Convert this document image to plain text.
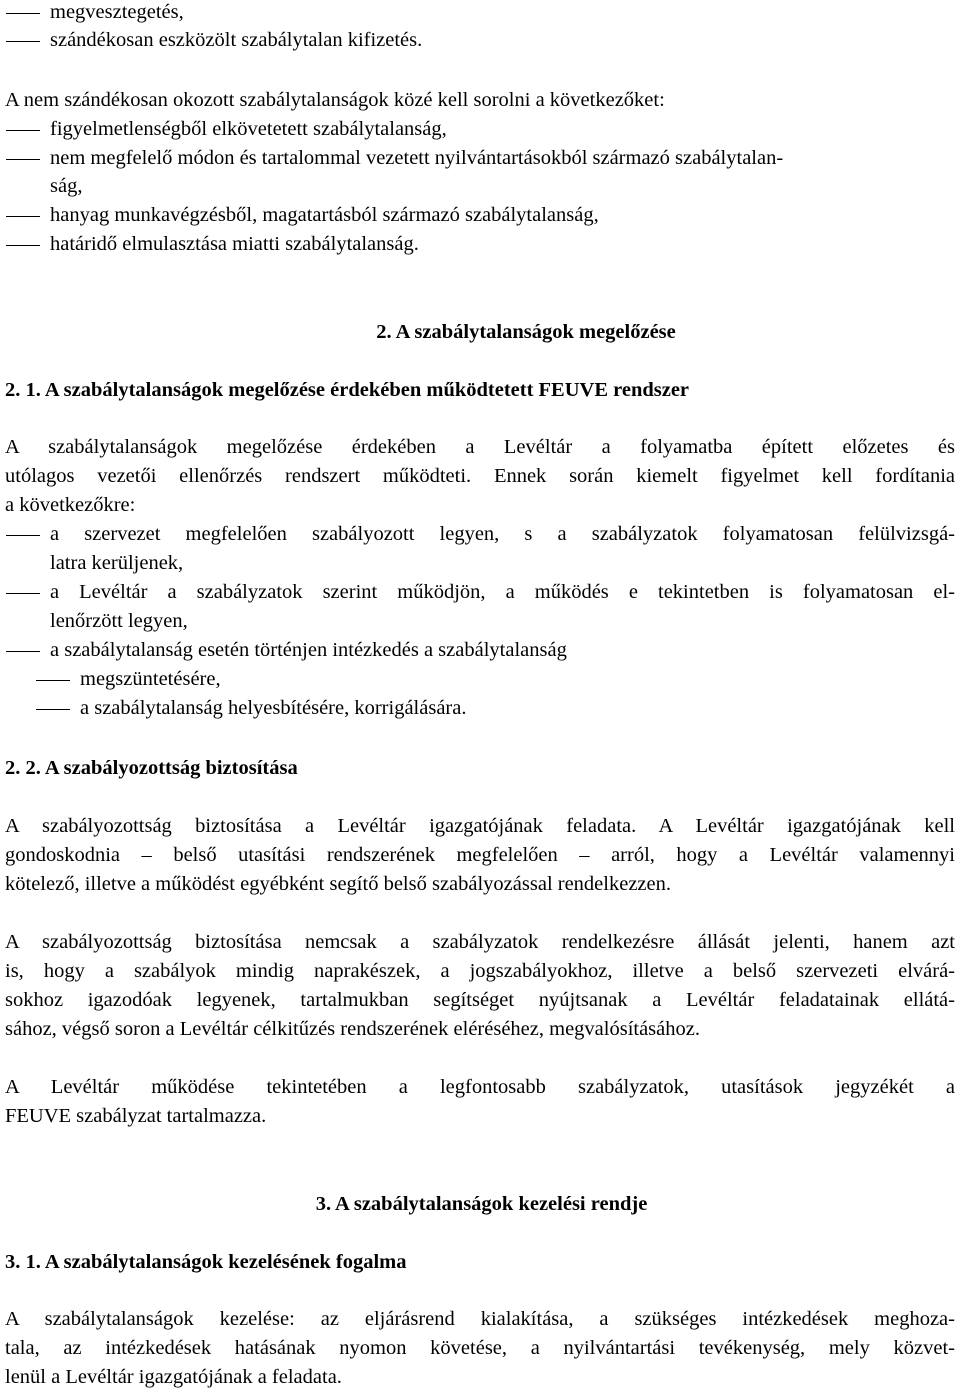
megvesztegetés,
szándékosan eszközölt szabálytalan kifizetés.
A nem szándékosan okozott szabálytalanságok közé kell sorolni a következőket:
figyelmetlenségből elkövetetett szabálytalanság,
nem megfelelő módon és tartalommal vezetett nyilvántartásokból származó szabálytalan-
ság,
hanyag munkavégzésből, magatartásból származó szabálytalanság,
határidő elmulasztása miatti szabálytalanság.
2. A szabálytalanságok megelőzése
2. 1. A szabálytalanságok megelőzése érdekében működtetett FEUVE rendszer
A szabálytalanságok megelőzése érdekében a Levéltár a folyamatba épített előzetes és
utólagos vezetői ellenőrzés rendszert működteti. Ennek során kiemelt figyelmet kell fordítania
a következőkre:
a szervezet megfelelően szabályozott legyen, s a szabályzatok folyamatosan felülvizsgá-
latra kerüljenek,
a Levéltár a szabályzatok szerint működjön, a működés e tekintetben is folyamatosan el-
lenőrzött legyen,
a szabálytalanság esetén történjen intézkedés a szabálytalanság
megszüntetésére,
a szabálytalanság helyesbítésére, korrigálására.
2. 2. A szabályozottság biztosítása
A szabályozottság biztosítása a Levéltár igazgatójának feladata. A Levéltár igazgatójának kell
gondoskodnia – belső utasítási rendszerének megfelelően – arról, hogy a Levéltár valamennyi
kötelező, illetve a működést egyébként segítő belső szabályozással rendelkezzen.
A szabályozottság biztosítása nemcsak a szabályzatok rendelkezésre állását jelenti, hanem azt
is, hogy a szabályok mindig naprakészek, a jogszabályokhoz, illetve a belső szervezeti elvárá-
sokhoz igazodóak legyenek, tartalmukban segítséget nyújtsanak a Levéltár feladatainak ellátá-
sához, végső soron a Levéltár célkitűzés rendszerének eléréséhez, megvalósításához.
A Levéltár működése tekintetében a legfontosabb szabályzatok, utasítások jegyzékét a
FEUVE szabályzat tartalmazza.
3. A szabálytalanságok kezelési rendje
3. 1. A szabálytalanságok kezelésének fogalma
A szabálytalanságok kezelése: az eljárásrend kialakítása, a szükséges intézkedések meghoza-
tala, az intézkedések hatásának nyomon követése, a nyilvántartási tevékenység, mely közvet-
lenül a Levéltár igazgatójának a feladata.
